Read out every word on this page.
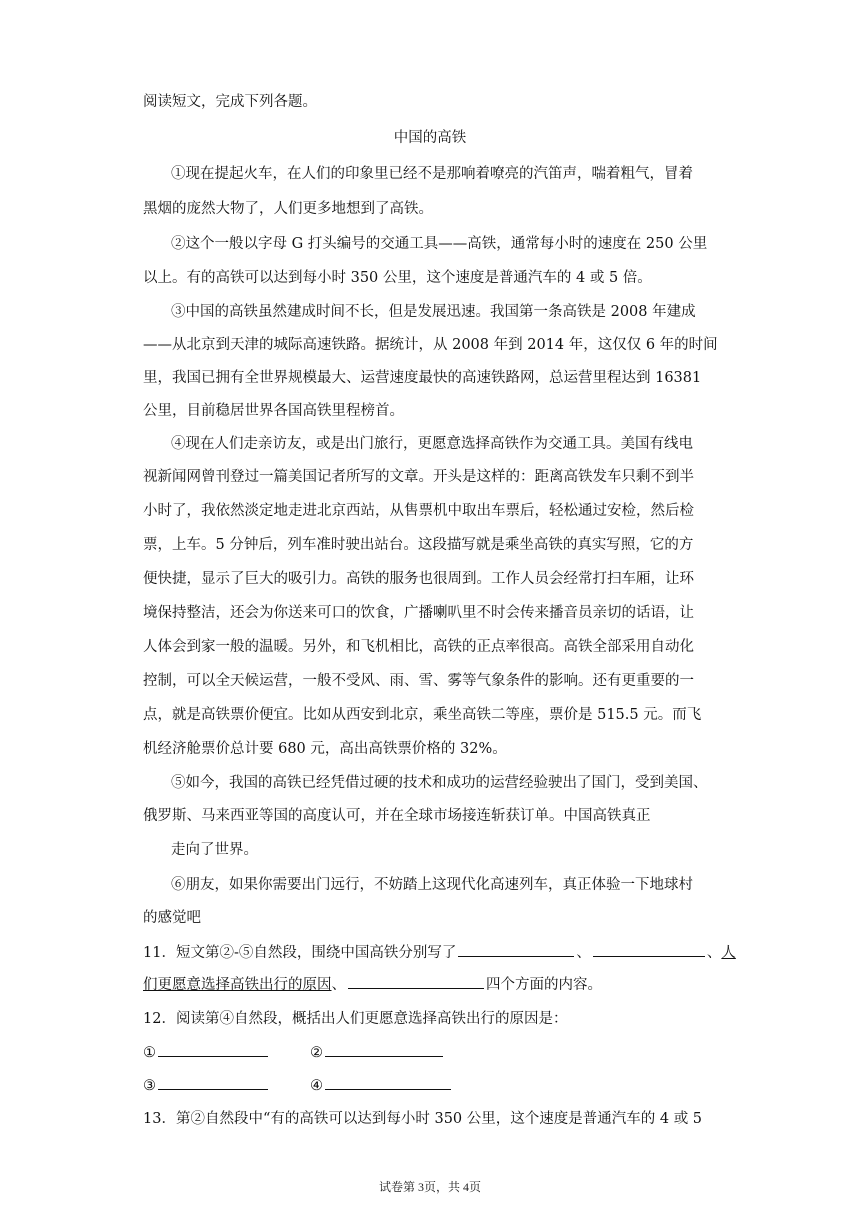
阅读短文，完成下列各题。
中国的高铁
①现在提起火车，在人们的印象里已经不是那响着嘹亮的汽笛声，喘着粗气，冒着
黑烟的庞然大物了，人们更多地想到了高铁。
②这个一般以字母 G 打头编号的交通工具——高铁，通常每小时的速度在 250 公里
以上。有的高铁可以达到每小时 350 公里，这个速度是普通汽车的 4 或 5 倍。
③中国的高铁虽然建成时间不长，但是发展迅速。我国第一条高铁是 2008 年建成
——从北京到天津的城际高速铁路。据统计，从 2008 年到 2014 年，这仅仅 6 年的时间
里，我国已拥有全世界规模最大、运营速度最快的高速铁路网，总运营里程达到 16381
公里，目前稳居世界各国高铁里程榜首。
④现在人们走亲访友，或是出门旅行，更愿意选择高铁作为交通工具。美国有线电
视新闻网曾刊登过一篇美国记者所写的文章。开头是这样的：距离高铁发车只剩不到半
小时了，我依然淡定地走进北京西站，从售票机中取出车票后，轻松通过安检，然后检
票，上车。5 分钟后，列车准时驶出站台。这段描写就是乘坐高铁的真实写照，它的方
便快捷，显示了巨大的吸引力。高铁的服务也很周到。工作人员会经常打扫车厢，让环
境保持整洁，还会为你送来可口的饮食，广播喇叭里不时会传来播音员亲切的话语，让
人体会到家一般的温暖。另外，和飞机相比，高铁的正点率很高。高铁全部采用自动化
控制，可以全天候运营，一般不受风、雨、雪、雾等气象条件的影响。还有更重要的一
点，就是高铁票价便宜。比如从西安到北京，乘坐高铁二等座，票价是 515.5 元。而飞
机经济舱票价总计要 680 元，高出高铁票价格的 32%。
⑤如今，我国的高铁已经凭借过硬的技术和成功的运营经验驶出了国门，受到美国、
俄罗斯、马来西亚等国的高度认可，并在全球市场接连斩获订单。中国高铁真正
走向了世界。
⑥朋友，如果你需要出门远行，不妨踏上这现代化高速列车，真正体验一下地球村
的感觉吧
11．短文第②-⑤自然段，围绕中国高铁分别写了	、	、人
们更愿意选择高铁出行的原因、	四个方面的内容。
12．阅读第④自然段，概括出人们更愿意选择高铁出行的原因是：
①	②
③	④
13．第②自然段中“有的高铁可以达到每小时 350 公里，这个速度是普通汽车的 4 或 5
试卷第 3页，共 4页
